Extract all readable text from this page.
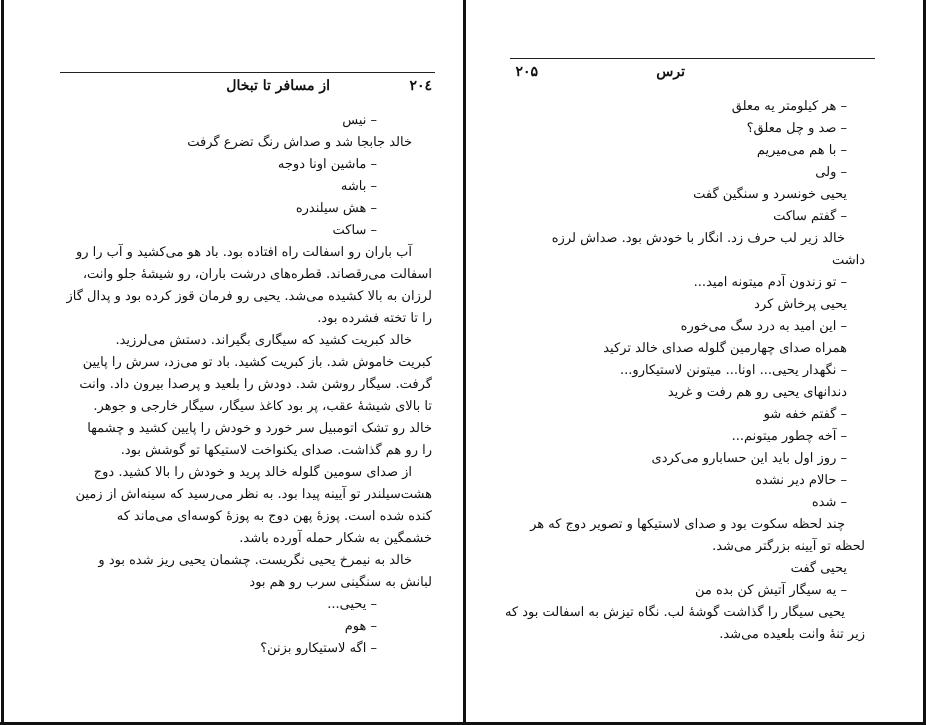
از مسافر تا تبخال	۲۰٤
– نیس
خالد جابجا شد و صداش رنگ تضرع گرفت
– ماشین اونا دوجه
– باشه
– هش سیلندره
– ساکت
آب باران رو اسفالت راه افتاده بود. باد هو می‌کشید و آب را رو
اسفالت می‌رقصاند. قطره‌های درشت باران، رو شیشهٔ جلو وانت،
لرزان به بالا کشیده می‌شد. یحیی رو فرمان قوز کرده بود و پدال گاز
را تا تخته فشرده بود.
خالد کبریت کشید که سیگاری بگیراند. دستش می‌لرزید.
کبریت خاموش شد. باز کبریت کشید. باد تو می‌زد، سرش را پایین
گرفت. سیگار روشن شد. دودش را بلعید و پرصدا بیرون داد. وانت
تا بالای شیشهٔ عقب، پر بود کاغذ سیگار، سیگار خارجی و جوهر.
خالد رو تشک اتومبیل سر خورد و خودش را پایین کشید و چشمها
را رو هم گذاشت. صدای یکنواخت لاستیکها تو گوشش بود.
از صدای سومین گلوله خالد پرید و خودش را بالا کشید. دوج
هشت‌سیلندر تو آیینه پیدا بود. به نظر می‌رسید که سینه‌اش از زمین
کنده شده است. پوزهٔ پهن دوج به پوزهٔ کوسه‌ای می‌ماند که
خشمگین به شکار حمله آورده باشد.
خالد به نیمرخ یحیی نگریست. چشمان یحیی ریز شده بود و
لبانش به سنگینی سرب رو هم بود
– یحیی...
– هوم
– اگه لاستیکارو بزنن؟
ترس
۲۰۵
– هر کیلومتر یه معلق
– صد و چل معلق؟
– با هم می‌میریم
– ولی
یحیی خونسرد و سنگین گفت
– گفتم ساکت
خالد زیر لب حرف زد. انگار با خودش بود. صداش لرزه
داشت
– تو زندون آدم میتونه امید...
یحیی پرخاش کرد
– این امید به درد سگ می‌خوره
همراه صدای چهارمین گلوله صدای خالد ترکید
– نگهدار یحیی... اونا... میتونن لاستیکارو...
دندانهای یحیی رو هم رفت و غرید
– گفتم خفه شو
– آخه چطور میتونم...
– روز اول باید این حسابارو می‌کردی
– حالام دیر نشده
– شده
چند لحظه سکوت بود و صدای لاستیکها و تصویر دوج که هر
لحظه تو آیینه بزرگتر می‌شد.
یحیی گفت
– یه سیگار آتیش کن بده من
یحیی سیگار را گذاشت گوشهٔ لب. نگاه تیزش به اسفالت بود که
زیر تنهٔ وانت بلعیده می‌شد.
